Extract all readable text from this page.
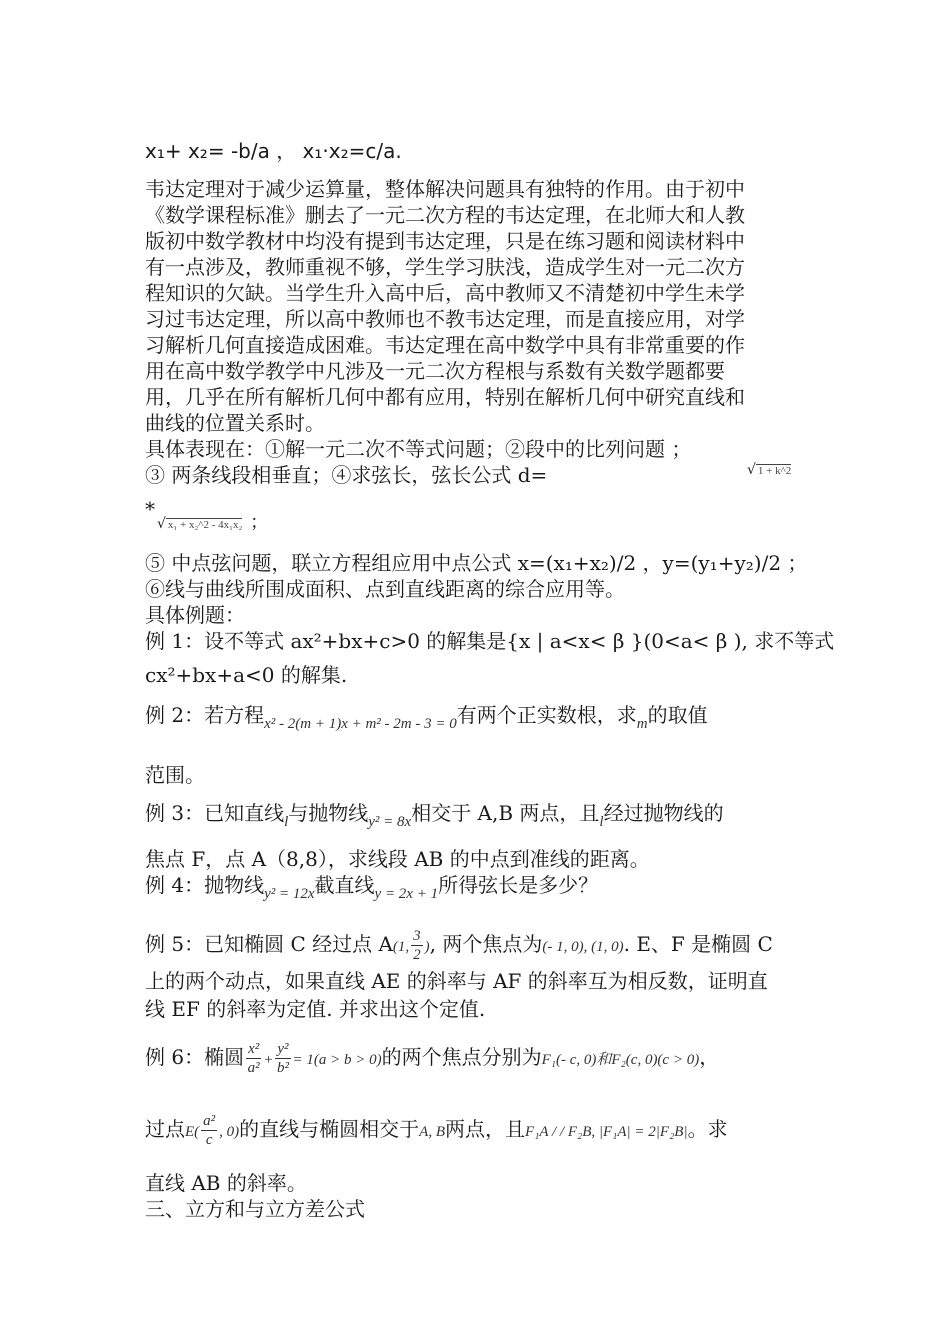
x₁+ x₂= -b/a ， x₁·x₂=c/a.
韦达定理对于减少运算量，整体解决问题具有独特的作用。由于初中
《数学课程标准》删去了一元二次方程的韦达定理，在北师大和人教
版初中数学教材中均没有提到韦达定理，只是在练习题和阅读材料中
有一点涉及，教师重视不够，学生学习肤浅，造成学生对一元二次方
程知识的欠缺。当学生升入高中后，高中教师又不清楚初中学生未学
习过韦达定理，所以高中教师也不教韦达定理，而是直接应用，对学
习解析几何直接造成困难。韦达定理在高中数学中具有非常重要的作
用在高中数学教学中凡涉及一元二次方程根与系数有关数学题都要
用，几乎在所有解析几何中都有应用，特别在解析几何中研究直线和
曲线的位置关系时。
具体表现在：①解一元二次不等式问题；②段中的比列问题 ；
③ 两条线段相垂直；④求弦长，弦长公式 d=	√ 1 + k^2
*
√ x₁ + x₂^2 - 4x₁x₂ ；
⑤ 中点弦问题，联立方程组应用中点公式 x=(x₁+x₂)/2 ，y=(y₁+y₂)/2 ；
⑥线与曲线所围成面积、点到直线距离的综合应用等。
具体例题：
例 1：设不等式 ax²+bx+c>0 的解集是{x | a<x< β }(0<a< β ), 求不等式
cx²+bx+a<0 的解集.
例 2：若方程$_{x^2 - 2(m + 1)x + m^2 - 2m - 3 = 0}$有两个正实数根，求$_m$的取值
范围。
例 3：已知直线$_l$与抛物线$_{y^2 = 8x}$相交于 A,B 两点，且$_l$经过抛物线的
焦点 F，点 A（8,8），求线段 AB 的中点到准线的距离。
例 4：抛物线$_{y^2 = 12x}$截直线$_{y = 2x + 1}$所得弦长是多少？
例 5：已知椭圆 C 经过点 A(1, $\frac{3}{2}$ ), 两个焦点为(- 1, 0), (1, 0). E、F 是椭圆 C
上的两个动点，如果直线 AE 的斜率与 AF 的斜率互为相反数，证明直
线 EF 的斜率为定值. 并求出这个定值.
例 6：椭圆 $\frac{\text{x²}}{\text{a²}} + \frac{\text{y²}}{\text{b²}} = 1(a > b > 0)$的两个焦点分别为F₁(- c, 0)和F₂(c, 0)(c > 0)，
过点$E( \frac{\text{a²}}{c}$ , 0)的直线与椭圆相交于A, B两点，且F₁A / / F₂B, |F₁A| = 2|F₂B|。求
直线 AB 的斜率。
三、立方和与立方差公式
